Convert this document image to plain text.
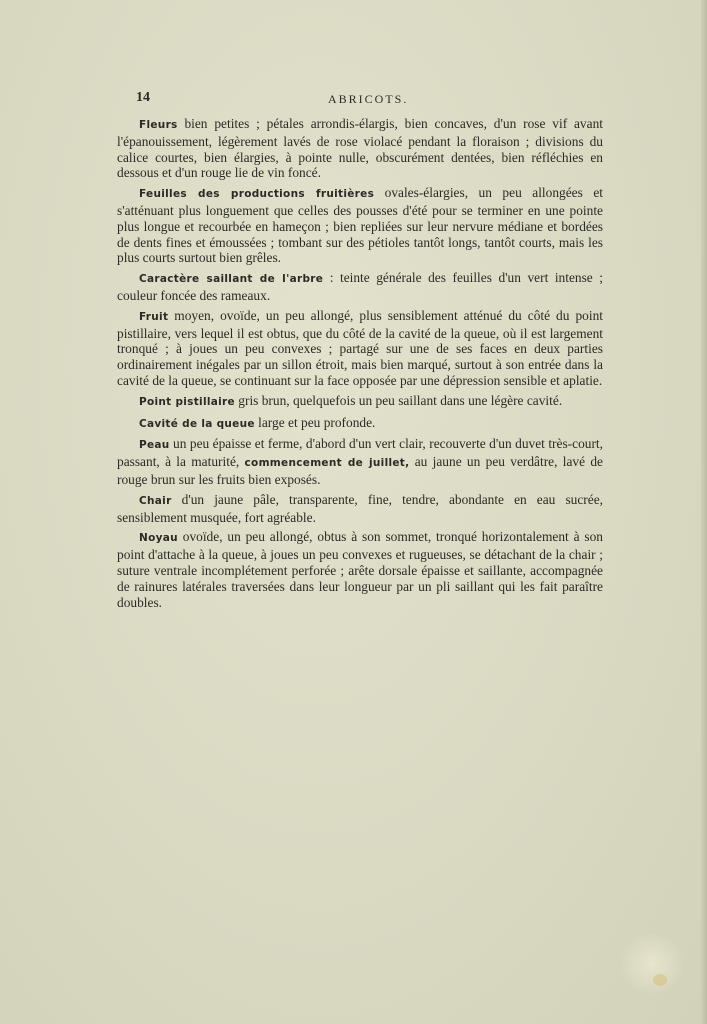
14	ABRICOTS.

Fleurs bien petites ; pétales arrondis-élargis, bien concaves, d'un rose vif avant l'épanouissement, légèrement lavés de rose violacé pendant la floraison ; divisions du calice courtes, bien élargies, à pointe nulle, obscurément dentées, bien réfléchies en dessous et d'un rouge lie de vin foncé.

Feuilles des productions fruitières ovales-élargies, un peu allongées et s'atténuant plus longuement que celles des pousses d'été pour se terminer en une pointe plus longue et recourbée en hameçon ; bien repliées sur leur nervure médiane et bordées de dents fines et émoussées ; tombant sur des pétioles tantôt longs, tantôt courts, mais les plus courts surtout bien grêles.

Caractère saillant de l'arbre : teinte générale des feuilles d'un vert intense ; couleur foncée des rameaux.

Fruit moyen, ovoïde, un peu allongé, plus sensiblement atténué du côté du point pistillaire, vers lequel il est obtus, que du côté de la cavité de la queue, où il est largement tronqué ; à joues un peu convexes ; partagé sur une de ses faces en deux parties ordinairement inégales par un sillon étroit, mais bien marqué, surtout à son entrée dans la cavité de la queue, se continuant sur la face opposée par une dépression sensible et aplatie.

Point pistillaire gris brun, quelquefois un peu saillant dans une légère cavité.

Cavité de la queue large et peu profonde.

Peau un peu épaisse et ferme, d'abord d'un vert clair, recouverte d'un duvet très-court, passant, à la maturité, commencement de juillet, au jaune un peu verdâtre, lavé de rouge brun sur les fruits bien exposés.

Chair d'un jaune pâle, transparente, fine, tendre, abondante en eau sucrée, sensiblement musquée, fort agréable.

Noyau ovoïde, un peu allongé, obtus à son sommet, tronqué horizontalement à son point d'attache à la queue, à joues un peu convexes et rugueuses, se détachant de la chair ; suture ventrale incomplétement perforée ; arête dorsale épaisse et saillante, accompagnée de rainures latérales traversées dans leur longueur par un pli saillant qui les fait paraître doubles.
